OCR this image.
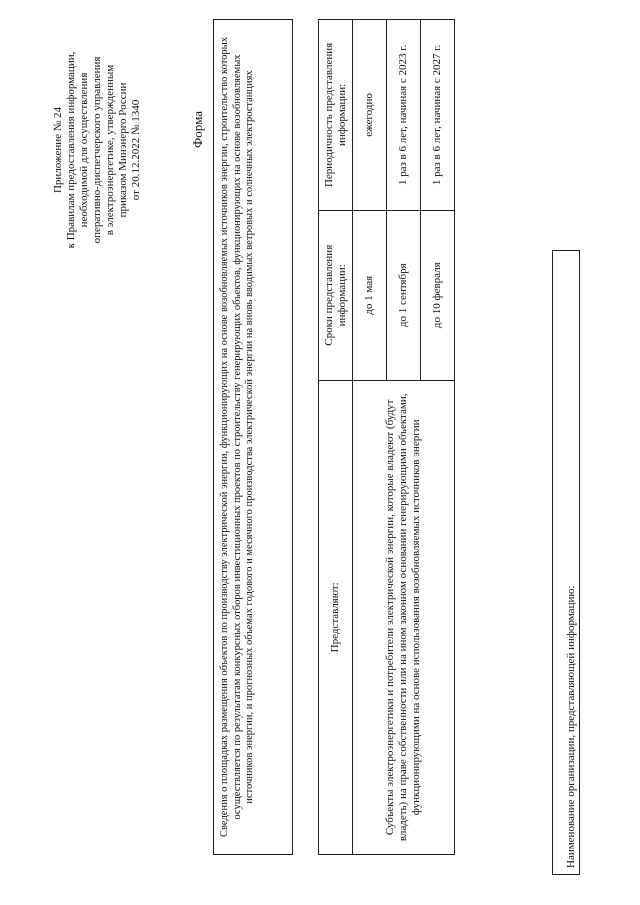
Приложение № 24 к Правилам предоставления информации, необходимой для осуществления оперативно-диспетчерского управления в электроэнергетике, утвержденным приказом Минэнерго России от 20.12.2022 № 1340	Форма	Сведения о площадках размещения объектов по производству электрической энергии, функционирующих на основе возобновляемых источников энергии, строительство которых осуществляется по результатам конкурсных отборов инвестиционных проектов по строительству генерирующих объектов, функционирующих на основе возобновляемых источников энергии, и прогнозных объемах годового и месячного производства электрической энергии на вновь вводимых ветровых и солнечных электростанциях	Представляют:	Сроки представления информации:	Периодичность представления информации:
Субъекты электроэнергетики и потребители электрической энергии, которые владеют (будут владеть) на праве собственности или на ином законном основании генерирующими объектами, функционирующими на основе использования возобновляемых источников энергии	до 1 мая	ежегодно
	до 1 сентября	1 раз в 6 лет, начиная с 2023 г.
	до 10 февраля	1 раз в 6 лет, начиная с 2027 г.
Наименование организации, представляющей информацию:
